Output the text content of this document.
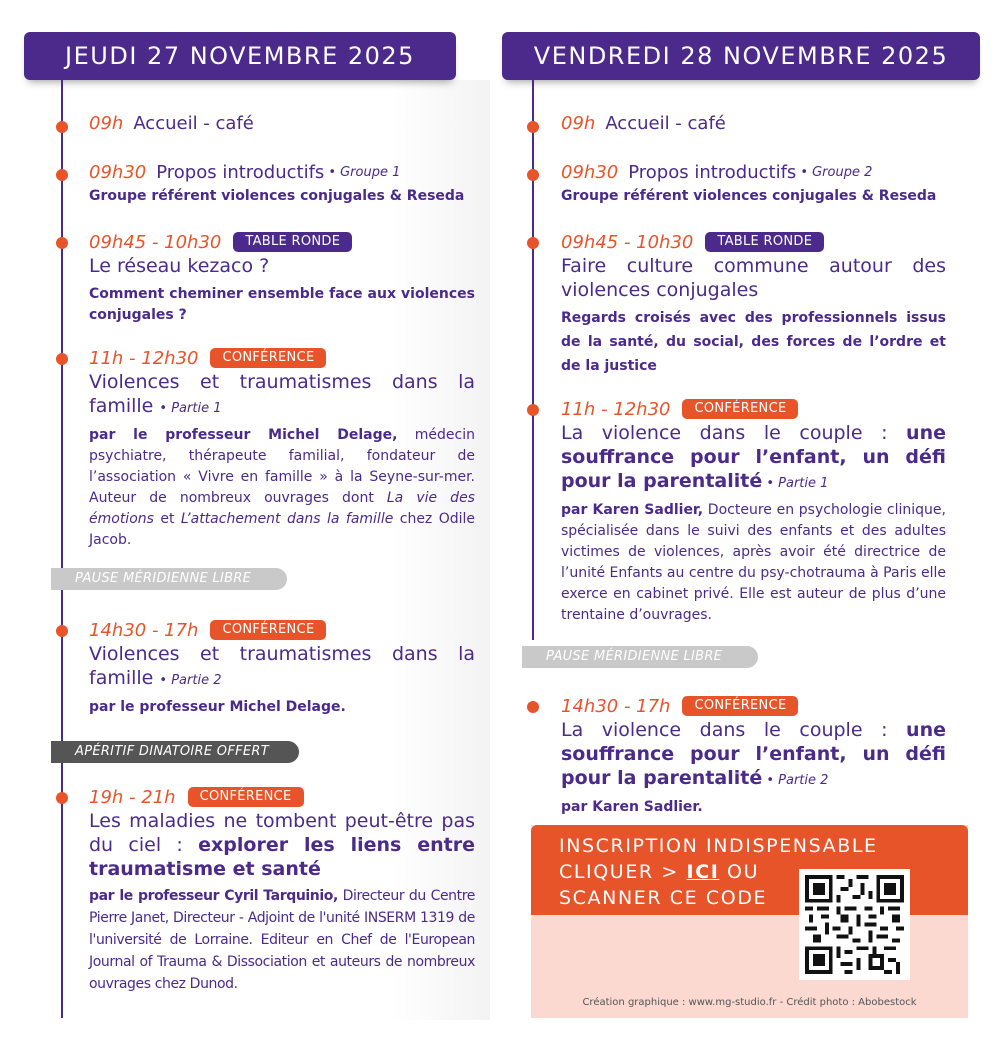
JEUDI 27 NOVEMBRE 2025
09h Accueil - café
09h30 Propos introductifs • Groupe 1
Groupe référent violences conjugales & Reseda
09h45 - 10h30	TABLE RONDE
Le réseau kezaco ?
Comment cheminer ensemble face aux violences conjugales ?
11h - 12h30	CONFÉRENCE
Violences et traumatismes dans la famille • Partie 1
par le professeur Michel Delage, médecin psychiatre, thérapeute familial, fondateur de l’association « Vivre en famille » à la Seyne-sur-mer. Auteur de nombreux ouvrages dont La vie des émotions et L’attachement dans la famille chez Odile Jacob.
PAUSE MÉRIDIENNE LIBRE
14h30 - 17h	CONFÉRENCE
Violences et traumatismes dans la famille • Partie 2
par le professeur Michel Delage.
APÉRITIF DINATOIRE OFFERT
19h - 21h	CONFÉRENCE
Les maladies ne tombent peut-être pas du ciel : explorer les liens entre traumatisme et santé
par le professeur Cyril Tarquinio, Directeur du Centre Pierre Janet, Directeur - Adjoint de l'unité INSERM 1319 de l'université de Lorraine. Editeur en Chef de l'European Journal of Trauma & Dissociation et auteurs de nombreux ouvrages chez Dunod.
VENDREDI 28 NOVEMBRE 2025
09h Accueil - café
09h30 Propos introductifs • Groupe 2
Groupe référent violences conjugales & Reseda
09h45 - 10h30	TABLE RONDE
Faire culture commune autour des violences conjugales
Regards croisés avec des professionnels issus de la santé, du social, des forces de l’ordre et de la justice
11h - 12h30	CONFÉRENCE
La violence dans le couple : une souffrance pour l’enfant, un défi pour la parentalité • Partie 1
par Karen Sadlier, Docteure en psychologie clinique, spécialisée dans le suivi des enfants et des adultes victimes de violences, après avoir été directrice de l’unité Enfants au centre du psy-chotrauma à Paris elle exerce en cabinet privé. Elle est auteur de plus d’une trentaine d’ouvrages.
PAUSE MÉRIDIENNE LIBRE
14h30 - 17h	CONFÉRENCE
La violence dans le couple : une souffrance pour l’enfant, un défi pour la parentalité • Partie 2
par Karen Sadlier.
INSCRIPTION INDISPENSABLE
CLIQUER > ICI OU
SCANNER CE CODE
Création graphique : www.mg-studio.fr - Crédit photo : Abobestock
